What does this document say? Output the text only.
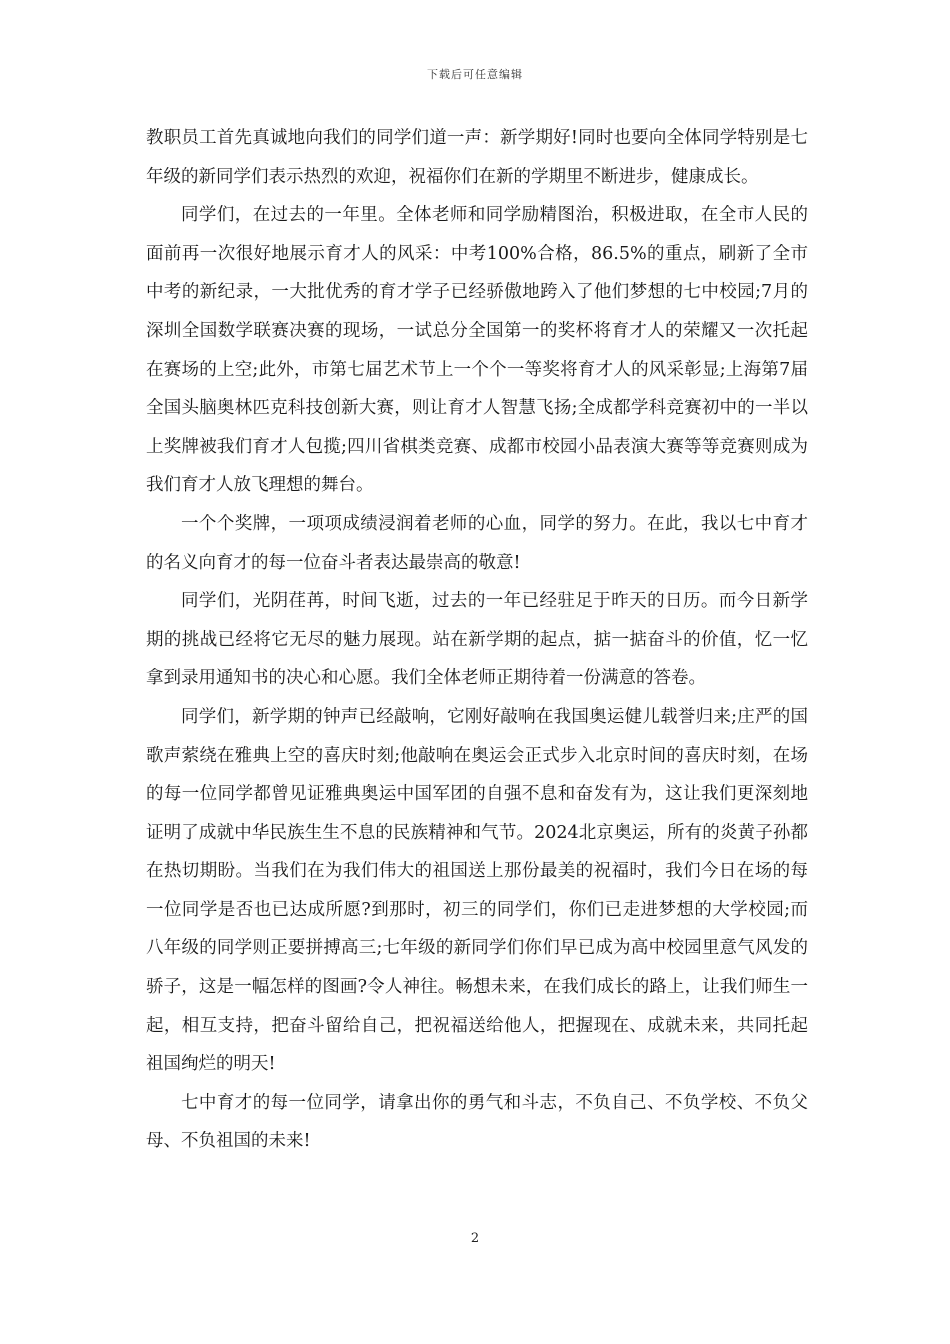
下载后可任意编辑

教职员工首先真诚地向我们的同学们道一声：新学期好!同时也要向全体同学特别是七年级的新同学们表示热烈的欢迎，祝福你们在新的学期里不断进步，健康成长。

同学们，在过去的一年里。全体老师和同学励精图治，积极进取，在全市人民的面前再一次很好地展示育才人的风采：中考100%合格，86.5%的重点，刷新了全市中考的新纪录，一大批优秀的育才学子已经骄傲地跨入了他们梦想的七中校园;7月的深圳全国数学联赛决赛的现场，一试总分全国第一的奖杯将育才人的荣耀又一次托起在赛场的上空;此外，市第七届艺术节上一个个一等奖将育才人的风采彰显;上海第7届全国头脑奥林匹克科技创新大赛，则让育才人智慧飞扬;全成都学科竞赛初中的一半以上奖牌被我们育才人包揽;四川省棋类竞赛、成都市校园小品表演大赛等等竞赛则成为我们育才人放飞理想的舞台。

一个个奖牌，一项项成绩浸润着老师的心血，同学的努力。在此，我以七中育才的名义向育才的每一位奋斗者表达最崇高的敬意!

同学们，光阴荏苒，时间飞逝，过去的一年已经驻足于昨天的日历。而今日新学期的挑战已经将它无尽的魅力展现。站在新学期的起点，掂一掂奋斗的价值，忆一忆拿到录用通知书的决心和心愿。我们全体老师正期待着一份满意的答卷。

同学们，新学期的钟声已经敲响，它刚好敲响在我国奥运健儿载誉归来;庄严的国歌声萦绕在雅典上空的喜庆时刻;他敲响在奥运会正式步入北京时间的喜庆时刻，在场的每一位同学都曾见证雅典奥运中国军团的自强不息和奋发有为，这让我们更深刻地证明了成就中华民族生生不息的民族精神和气节。2024北京奥运，所有的炎黄子孙都在热切期盼。当我们在为我们伟大的祖国送上那份最美的祝福时，我们今日在场的每一位同学是否也已达成所愿?到那时，初三的同学们，你们已走进梦想的大学校园;而八年级的同学则正要拼搏高三;七年级的新同学们你们早已成为高中校园里意气风发的骄子，这是一幅怎样的图画?令人神往。畅想未来，在我们成长的路上，让我们师生一起，相互支持，把奋斗留给自己，把祝福送给他人，把握现在、成就未来，共同托起祖国绚烂的明天!

七中育才的每一位同学，请拿出你的勇气和斗志，不负自己、不负学校、不负父母、不负祖国的未来!

2
